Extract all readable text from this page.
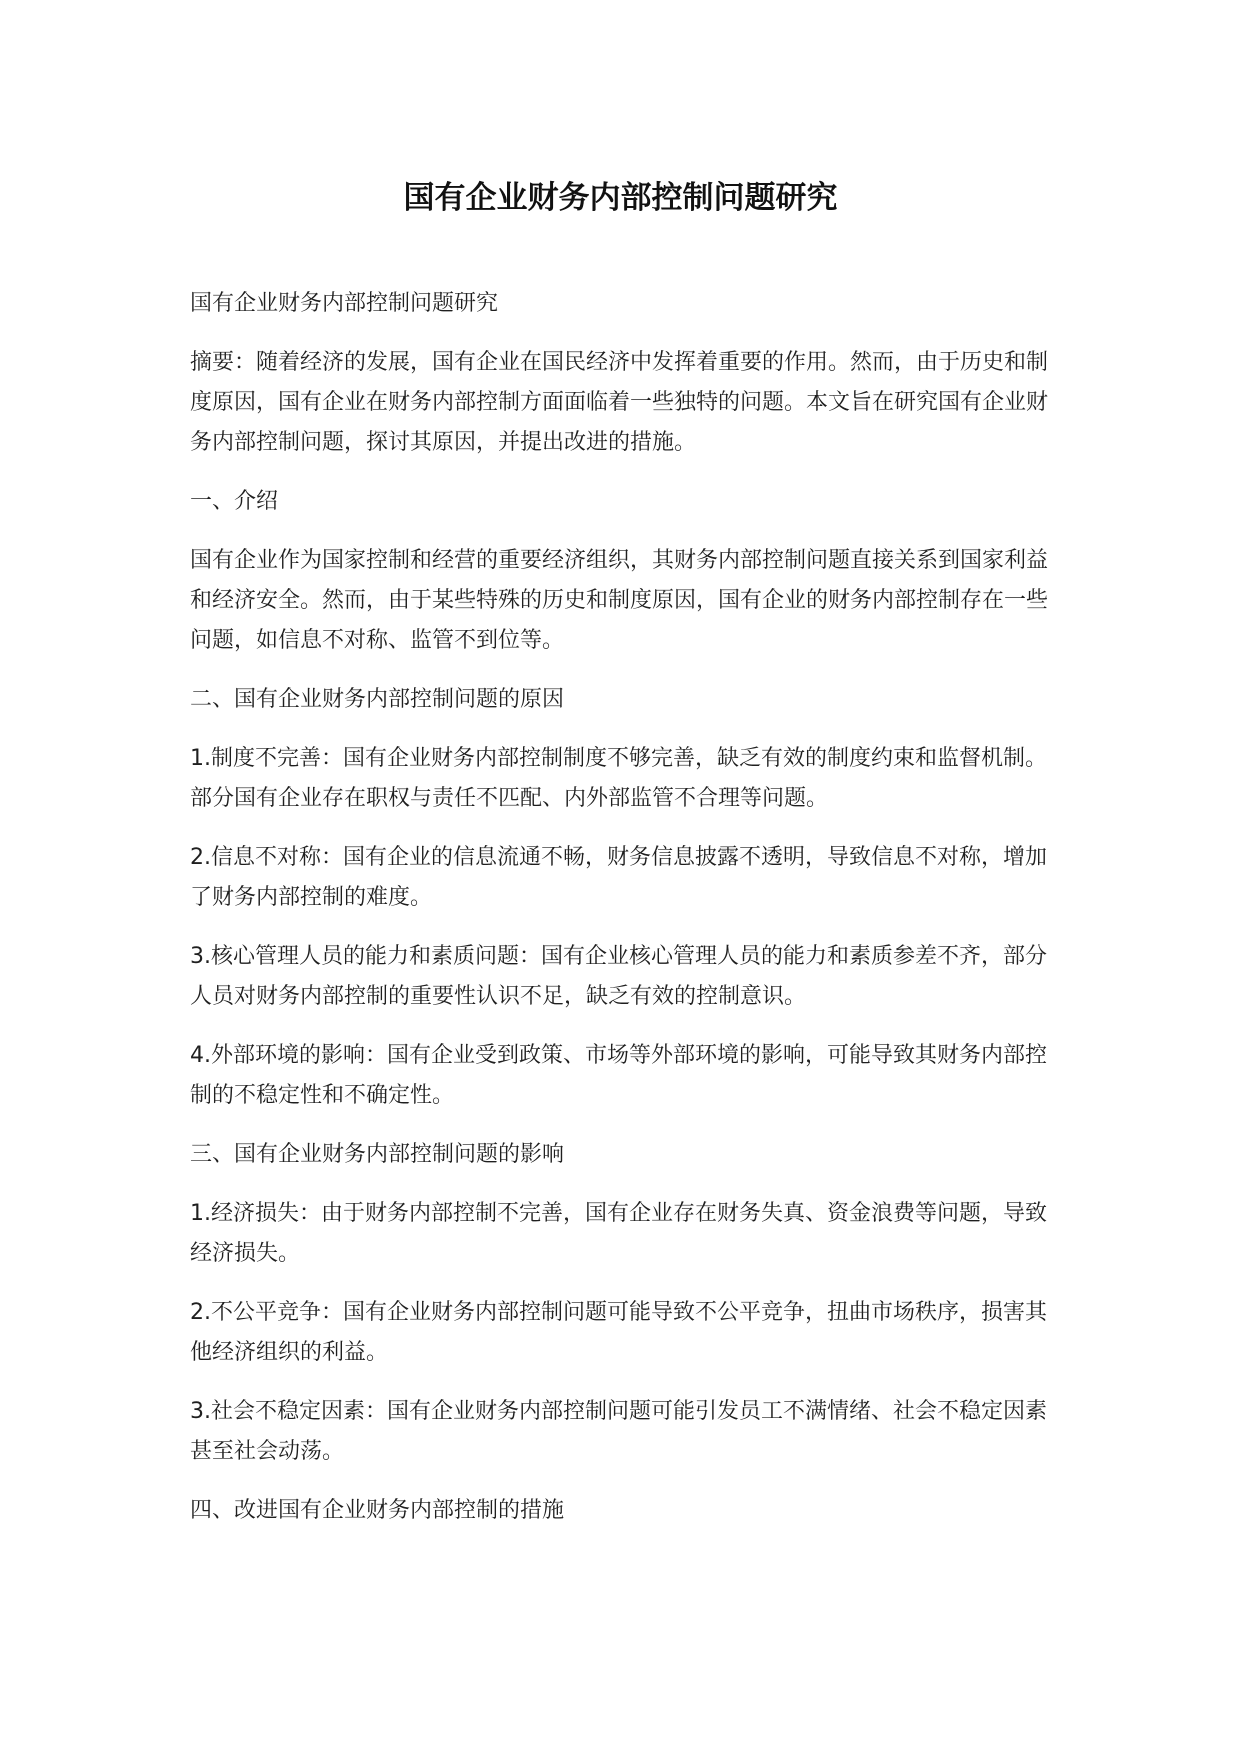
国有企业财务内部控制问题研究

国有企业财务内部控制问题研究

摘要：随着经济的发展，国有企业在国民经济中发挥着重要的作用。然而，由于历史和制度原因，国有企业在财务内部控制方面面临着一些独特的问题。本文旨在研究国有企业财务内部控制问题，探讨其原因，并提出改进的措施。

一、介绍

国有企业作为国家控制和经营的重要经济组织，其财务内部控制问题直接关系到国家利益和经济安全。然而，由于某些特殊的历史和制度原因，国有企业的财务内部控制存在一些问题，如信息不对称、监管不到位等。

二、国有企业财务内部控制问题的原因

1.制度不完善：国有企业财务内部控制制度不够完善，缺乏有效的制度约束和监督机制。部分国有企业存在职权与责任不匹配、内外部监管不合理等问题。

2.信息不对称：国有企业的信息流通不畅，财务信息披露不透明，导致信息不对称，增加了财务内部控制的难度。

3.核心管理人员的能力和素质问题：国有企业核心管理人员的能力和素质参差不齐，部分人员对财务内部控制的重要性认识不足，缺乏有效的控制意识。

4.外部环境的影响：国有企业受到政策、市场等外部环境的影响，可能导致其财务内部控制的不稳定性和不确定性。

三、国有企业财务内部控制问题的影响

1.经济损失：由于财务内部控制不完善，国有企业存在财务失真、资金浪费等问题，导致经济损失。

2.不公平竞争：国有企业财务内部控制问题可能导致不公平竞争，扭曲市场秩序，损害其他经济组织的利益。

3.社会不稳定因素：国有企业财务内部控制问题可能引发员工不满情绪、社会不稳定因素甚至社会动荡。

四、改进国有企业财务内部控制的措施
